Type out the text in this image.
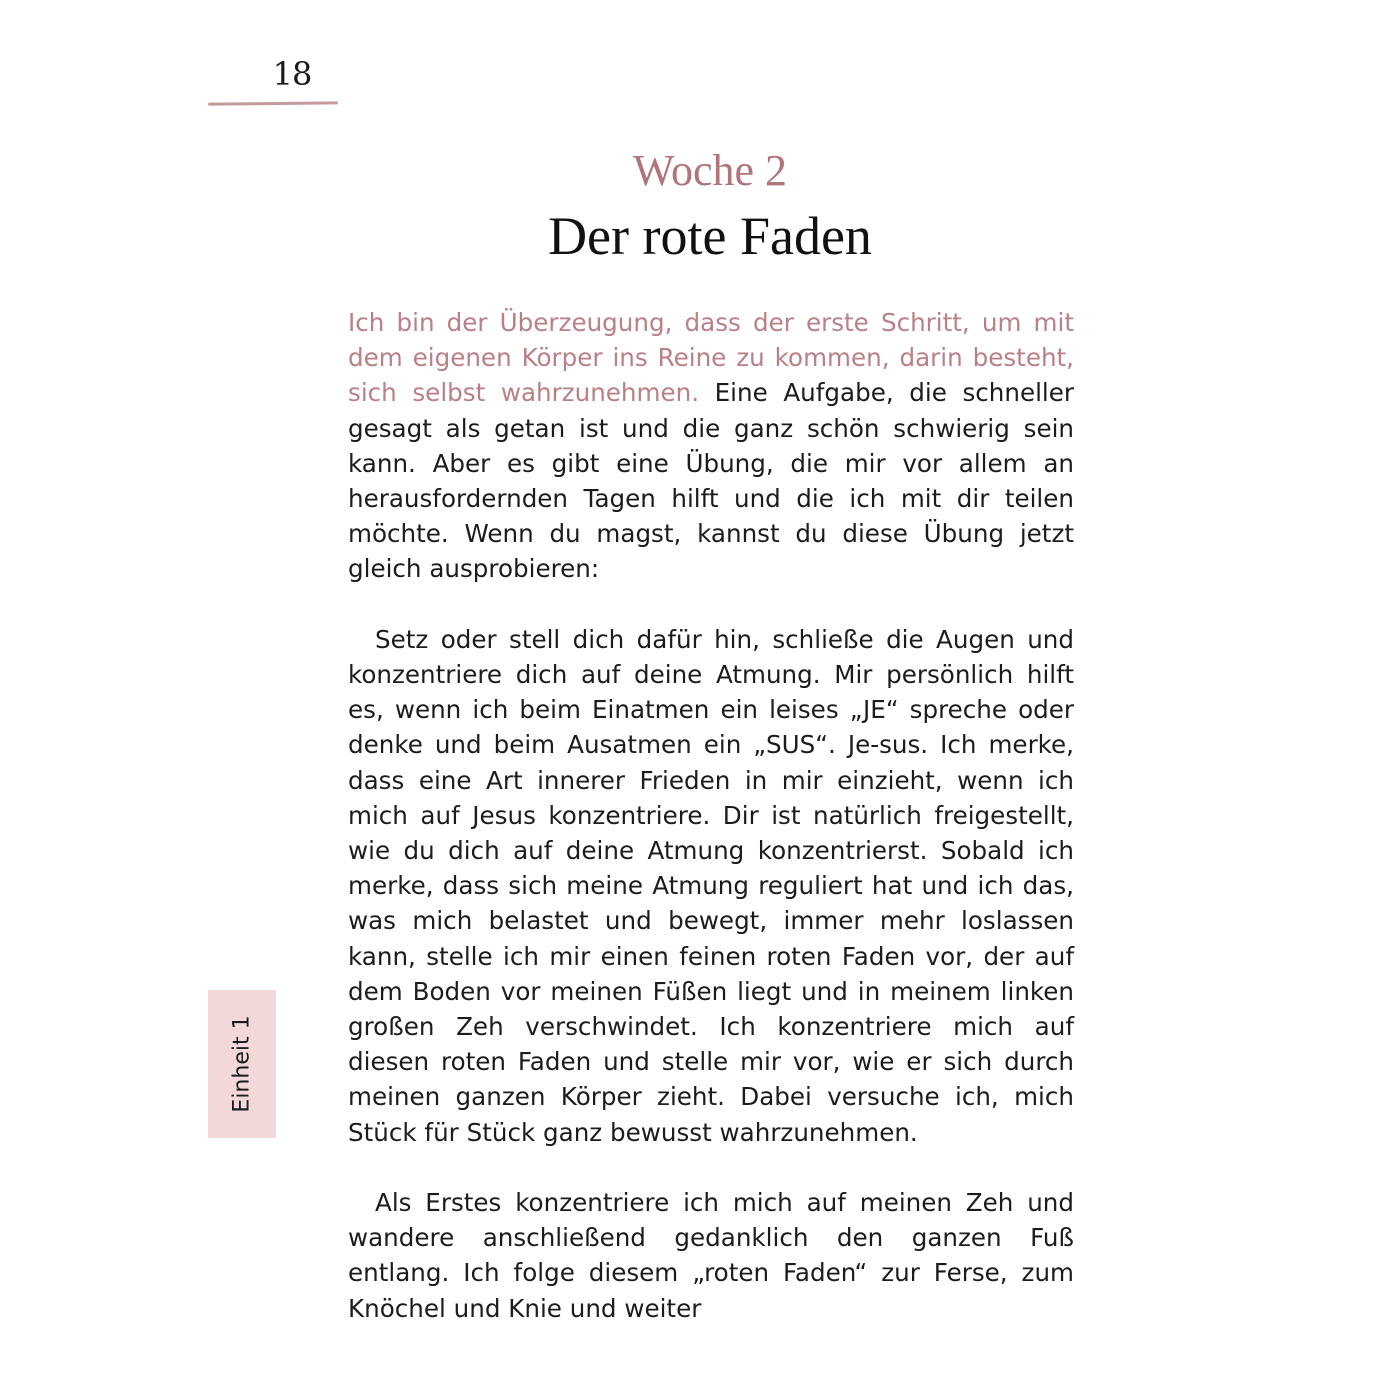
18
Woche 2
Der rote Faden

Ich bin der Überzeugung, dass der erste Schritt, um mit dem eigenen Körper ins Reine zu kommen, darin besteht, sich selbst wahrzunehmen. Eine Aufgabe, die schneller gesagt als getan ist und die ganz schön schwierig sein kann. Aber es gibt eine Übung, die mir vor allem an herausfordernden Tagen hilft und die ich mit dir teilen möchte. Wenn du magst, kannst du diese Übung jetzt gleich ausprobieren:

Setz oder stell dich dafür hin, schließe die Augen und konzentriere dich auf deine Atmung. Mir persönlich hilft es, wenn ich beim Einatmen ein leises „JE“ spreche oder denke und beim Ausatmen ein „SUS“. Je-sus. Ich merke, dass eine Art innerer Frieden in mir einzieht, wenn ich mich auf Jesus konzentriere. Dir ist natürlich freigestellt, wie du dich auf deine Atmung konzentrierst. Sobald ich merke, dass sich meine Atmung reguliert hat und ich das, was mich belastet und bewegt, immer mehr loslassen kann, stelle ich mir einen feinen roten Faden vor, der auf dem Boden vor meinen Füßen liegt und in meinem linken großen Zeh verschwindet. Ich konzentriere mich auf diesen roten Faden und stelle mir vor, wie er sich durch meinen ganzen Körper zieht. Dabei versuche ich, mich Stück für Stück ganz bewusst wahrzunehmen.

Als Erstes konzentriere ich mich auf meinen Zeh und wandere anschließend gedanklich den ganzen Fuß entlang. Ich folge diesem „roten Faden“ zur Ferse, zum Knöchel und Knie und weiter

Einheit 1
